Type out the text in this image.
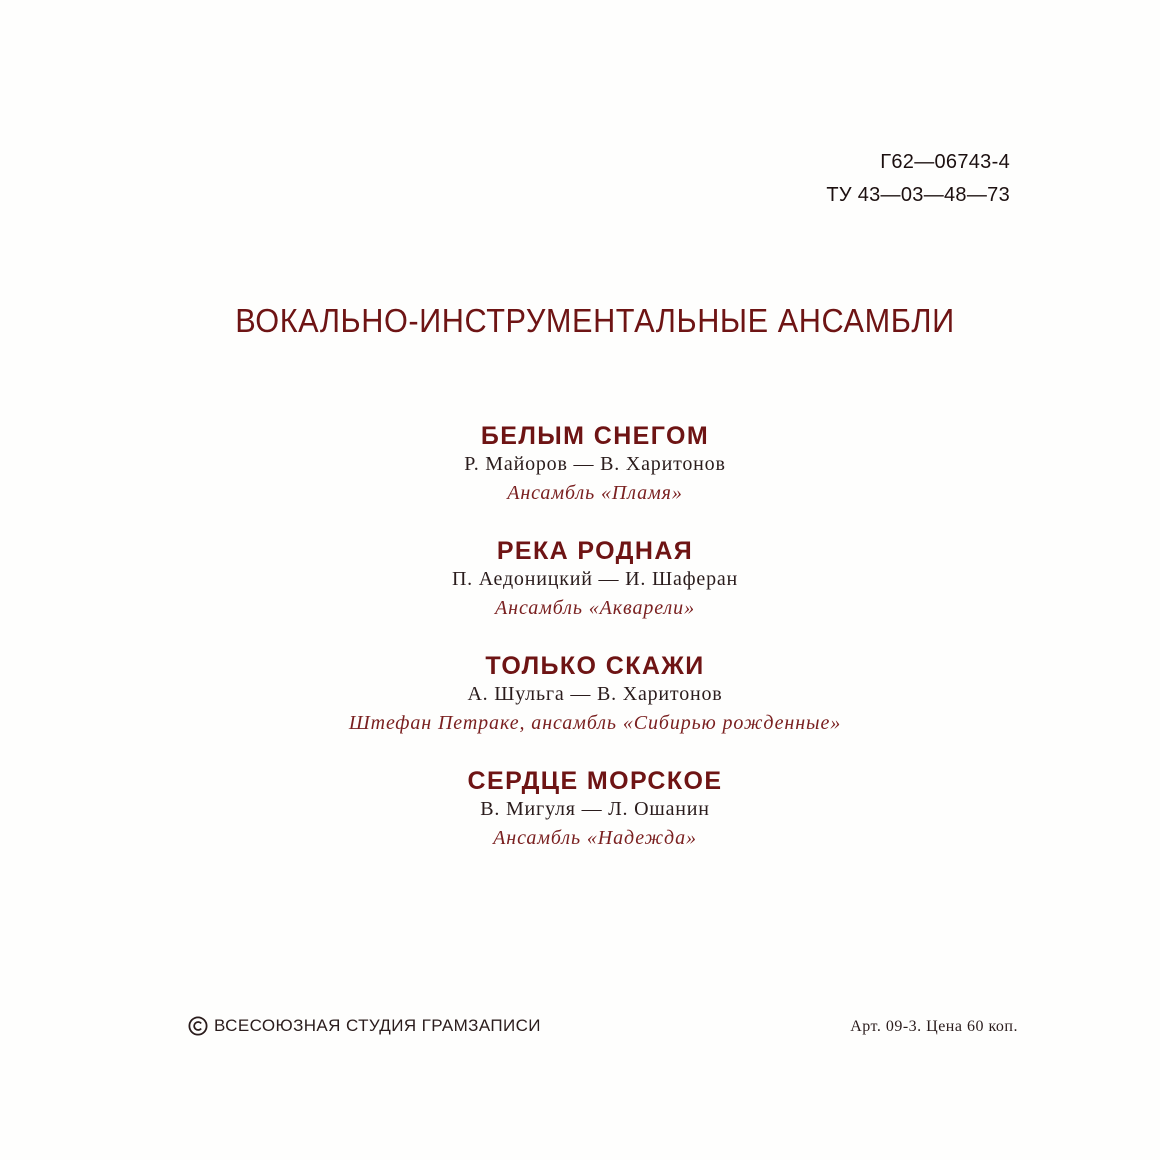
Г62—06743-4
ТУ 43—03—48—73
ВОКАЛЬНО-ИНСТРУМЕНТАЛЬНЫЕ АНСАМБЛИ
БЕЛЫМ СНЕГОМ
Р. Майоров — В. Харитонов
Ансамбль «Пламя»
РЕКА РОДНАЯ
П. Аедоницкий — И. Шаферан
Ансамбль «Акварели»
ТОЛЬКО СКАЖИ
А. Шульга — В. Харитонов
Штефан Петраке, ансамбль «Сибирью рожденные»
СЕРДЦЕ МОРСКОЕ
В. Мигуля — Л. Ошанин
Ансамбль «Надежда»
ВСЕСОЮЗНАЯ СТУДИЯ ГРАМЗАПИСИ	Арт. 09-3. Цена 60 коп.
